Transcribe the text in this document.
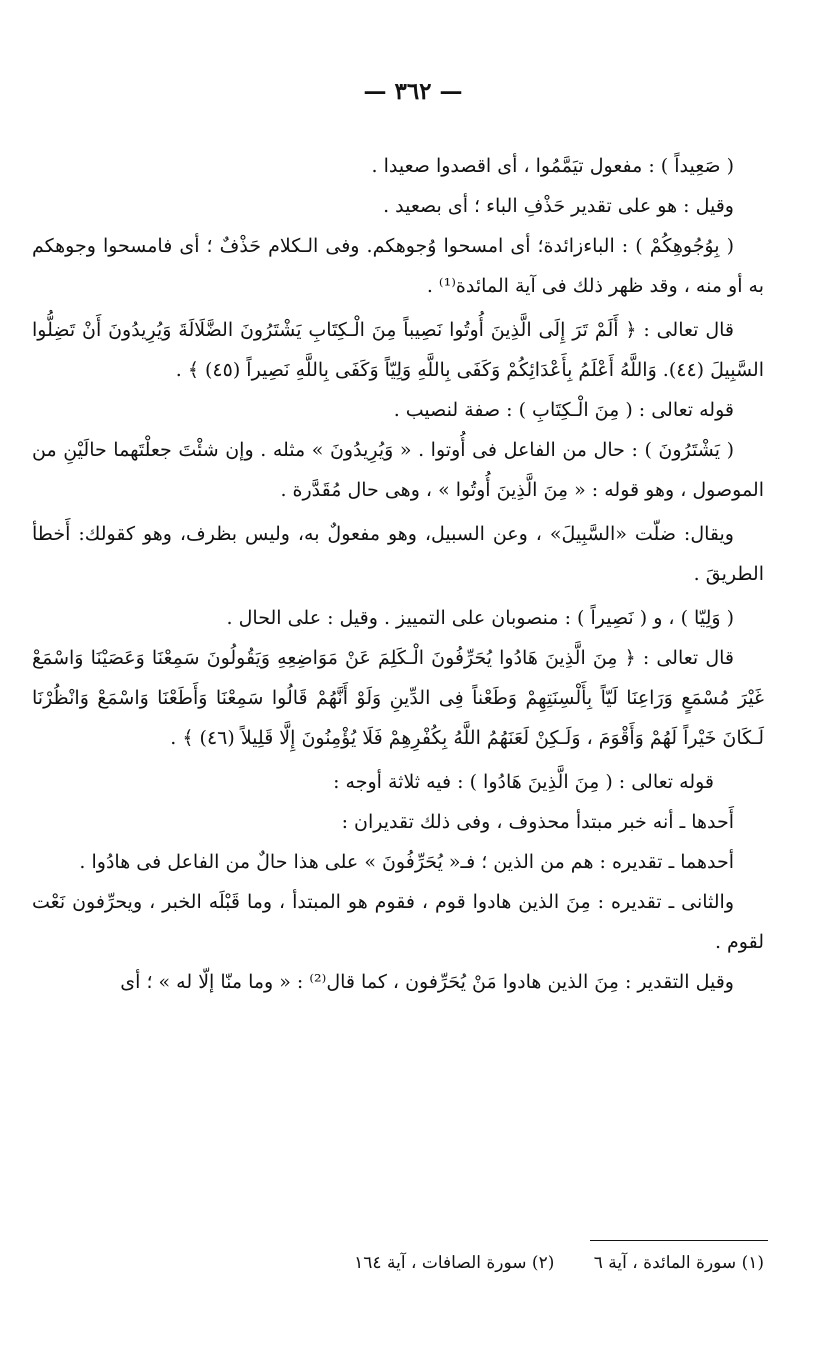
— ٣٦٢ —

( صَعِيداً ) : مفعول تيَمَّمُوا ، أى اقصدوا صعيدا .

وقيل : هو على تقدير حَذْفِ الباء ؛ أى بصعيد .

( بِوُجُوهِكُمْ ) : الباءزائدة؛ أى امسحوا وُجوهكم. وفى الـكلام حَذْفٌ ؛ أى فامسحوا وجوهكم به أو منه ، وقد ظهر ذلك فى آية المائدة⁽¹⁾ .

قال تعالى : ﴿ أَلَمْ تَرَ إِلَى الَّذِينَ أُوتُوا نَصِيباً مِنَ الْـكِتَابِ يَشْتَرُونَ الضَّلَالَةَ وَيُرِيدُونَ أَنْ تَضِلُّوا السَّبِيلَ (٤٤). وَاللَّهُ أَعْلَمُ بِأَعْدَائِكُمْ وَكَفَى بِاللَّهِ وَلِيّاً وَكَفَى بِاللَّهِ نَصِيراً (٤٥) ﴾ .

قوله تعالى : ( مِنَ الْـكِتَابِ ) : صفة لنصيب .

( يَشْتَرُونَ ) : حال من الفاعل فى أُوتوا . « وَيُرِيدُونَ » مثله . وإن شئْتَ جعلْتَهما حالَيْنِ من الموصول ، وهو قوله : « مِنَ الَّذِينَ أُوتُوا » ، وهى حال مُقَدَّرة .

ويقال: ضلّت «السَّبِيلَ» ، وعن السبيل، وهو مفعولٌ به، وليس بظرف، وهو كقولك: أَخطأ الطريقَ .

( وَلِيّا ) ، و ( نَصِيراً ) : منصوبان على التمييز . وقيل : على الحال .

قال تعالى : ﴿ مِنَ الَّذِينَ هَادُوا يُحَرِّفُونَ الْـكَلِمَ عَنْ مَوَاضِعِهِ وَيَقُولُونَ سَمِعْنَا وَعَصَيْنَا وَاسْمَعْ غَيْرَ مُسْمَعٍ وَرَاعِنَا لَيّاً بِأَلْسِنَتِهِمْ وَطَعْناً فِى الدِّينِ وَلَوْ أَنَّهُمْ قَالُوا سَمِعْنَا وَأَطَعْنَا وَاسْمَعْ وَانْظُرْنَا لَـكَانَ خَيْراً لَهُمْ وَأَقْوَمَ ، وَلَـكِنْ لَعَنَهُمُ اللَّهُ بِكُفْرِهِمْ فَلَا يُؤْمِنُونَ إِلَّا قَلِيلاً (٤٦) ﴾ .

قوله تعالى : ( مِنَ الَّذِينَ هَادُوا ) : فيه ثلاثة أوجه :

أَحدها ـ أنه خبر مبتدأ محذوف ، وفى ذلك تقديران :

أحدهما ـ تقديره : هم من الذين ؛ فـ« يُحَرِّفُونَ » على هذا حالٌ من الفاعل فى هادُوا .

والثانى ـ تقديره : مِنَ الذين هادوا قوم ، فقوم هو المبتدأ ، وما قَبْلَه الخبر ، ويحرِّفون نَعْت لقوم .

وقيل التقدير : مِنَ الذين هادوا مَنْ يُحَرِّفون ، كما قال⁽²⁾ : « وما منّا إلّا له » ؛ أى

(١) سورة المائدة ، آية ٦ (٢) سورة الصافات ، آية ١٦٤
